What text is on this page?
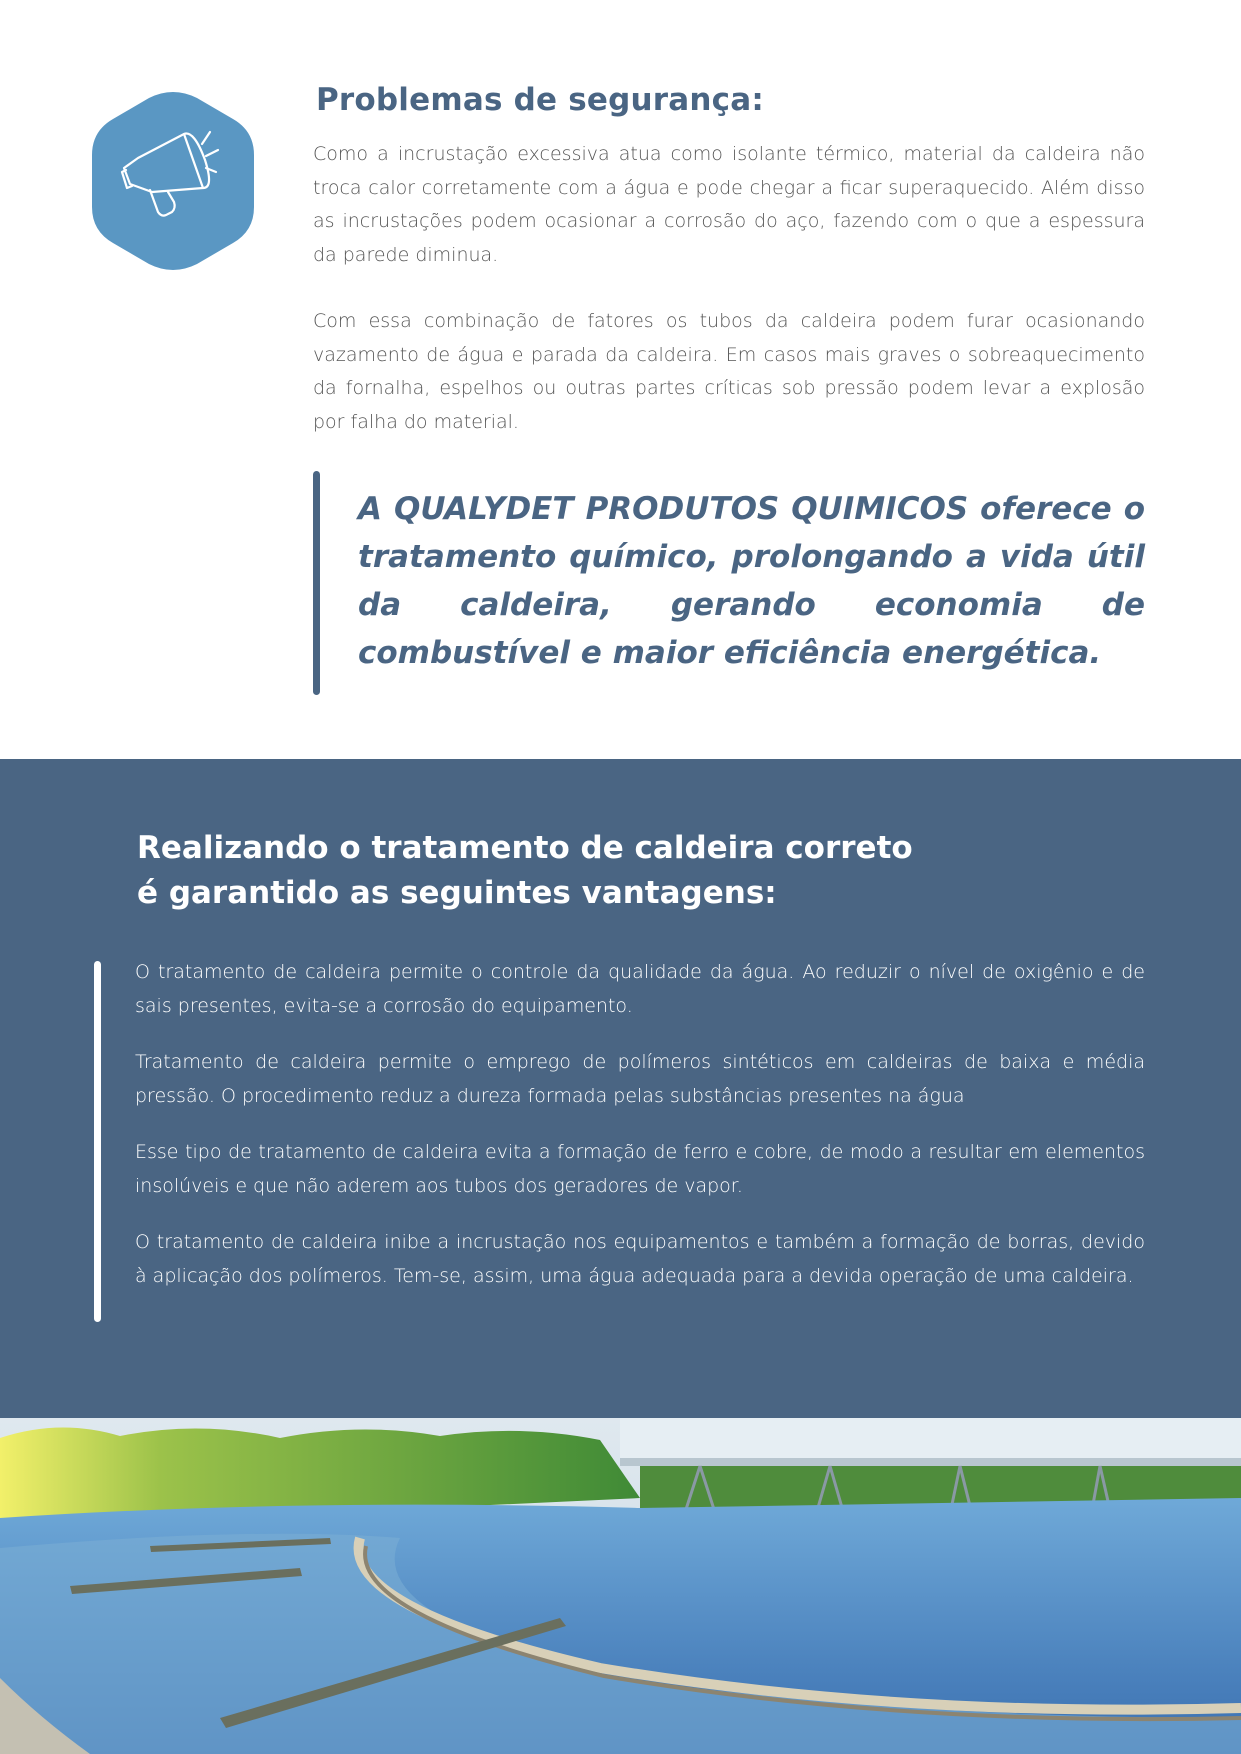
Problemas de segurança:

Como a incrustação excessiva atua como isolante térmico, material da caldeira não troca calor corretamente com a água e pode chegar a ficar superaquecido. Além disso as incrustações podem ocasionar a corrosão do aço, fazendo com o que a espessura da parede diminua.

Com essa combinação de fatores os tubos da caldeira podem furar ocasionando vazamento de água e parada da caldeira. Em casos mais graves o sobreaquecimento da fornalha, espelhos ou outras partes críticas sob pressão podem levar a explosão por falha do material.

A QUALYDET PRODUTOS QUIMICOS oferece o tratamento químico, prolongando a vida útil da caldeira, gerando economia de combustível e maior eficiência energética.

Realizando o tratamento de caldeira correto
é garantido as seguintes vantagens:

O tratamento de caldeira permite o controle da qualidade da água. Ao reduzir o nível de oxigênio e de sais presentes, evita-se a corrosão do equipamento.

Tratamento de caldeira permite o emprego de polímeros sintéticos em caldeiras de baixa e média pressão. O procedimento reduz a dureza formada pelas substâncias presentes na água

Esse tipo de tratamento de caldeira evita a formação de ferro e cobre, de modo a resultar em elementos insolúveis e que não aderem aos tubos dos geradores de vapor.

O tratamento de caldeira inibe a incrustação nos equipamentos e também a formação de borras, devido à aplicação dos polímeros. Tem-se, assim, uma água adequada para a devida operação de uma caldeira.
